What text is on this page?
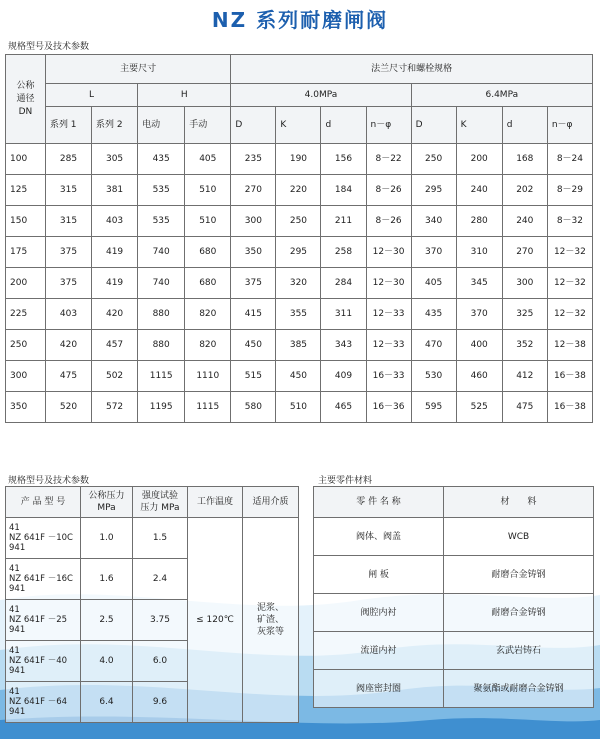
NZ 系列耐磨闸阀
规格型号及技术参数
公称
通径
DN	主要尺寸				法兰尺寸和螺栓规格							
	L		H		4.0MPa				6.4MPa			
	系列 1	系列 2	电动	手动	D	K	d	n－φ	D	K	d	n－φ
100	285	305	435	405	235	190	156	8－22	250	200	168	8－24
125	315	381	535	510	270	220	184	8－26	295	240	202	8－29
150	315	403	535	510	300	250	211	8－26	340	280	240	8－32
175	375	419	740	680	350	295	258	12－30	370	310	270	12－32
200	375	419	740	680	375	320	284	12－30	405	345	300	12－32
225	403	420	880	820	415	355	311	12－33	435	370	325	12－32
250	420	457	880	820	450	385	343	12－33	470	400	352	12－38
300	475	502	1115	1110	515	450	409	16－33	530	460	412	16－38
350	520	572	1195	1115	580	510	465	16－36	595	525	475	16－38
规格型号及技术参数
产 品 型 号	公称压力
MPa	强度试验
压力 MPa	工作温度	适用介质
41
NZ 641F －10C
941	1.0	1.5	≤ 120℃	泥浆、
矿渣、
灰浆等
41
NZ 641F －16C
941	1.6	2.4		
41
NZ 641F －25
941	2.5	3.75		
41
NZ 641F －40
941	4.0	6.0		
41
NZ 641F －64
941	6.4	9.6		
主要零件材料
零 件 名 称	材　　料
阀体、阀盖	WCB
闸 板	耐磨合金铸钢
阀腔内衬	耐磨合金铸钢
流道内衬	玄武岩铸石
阀座密封圈	聚氨酯或耐磨合金铸钢
